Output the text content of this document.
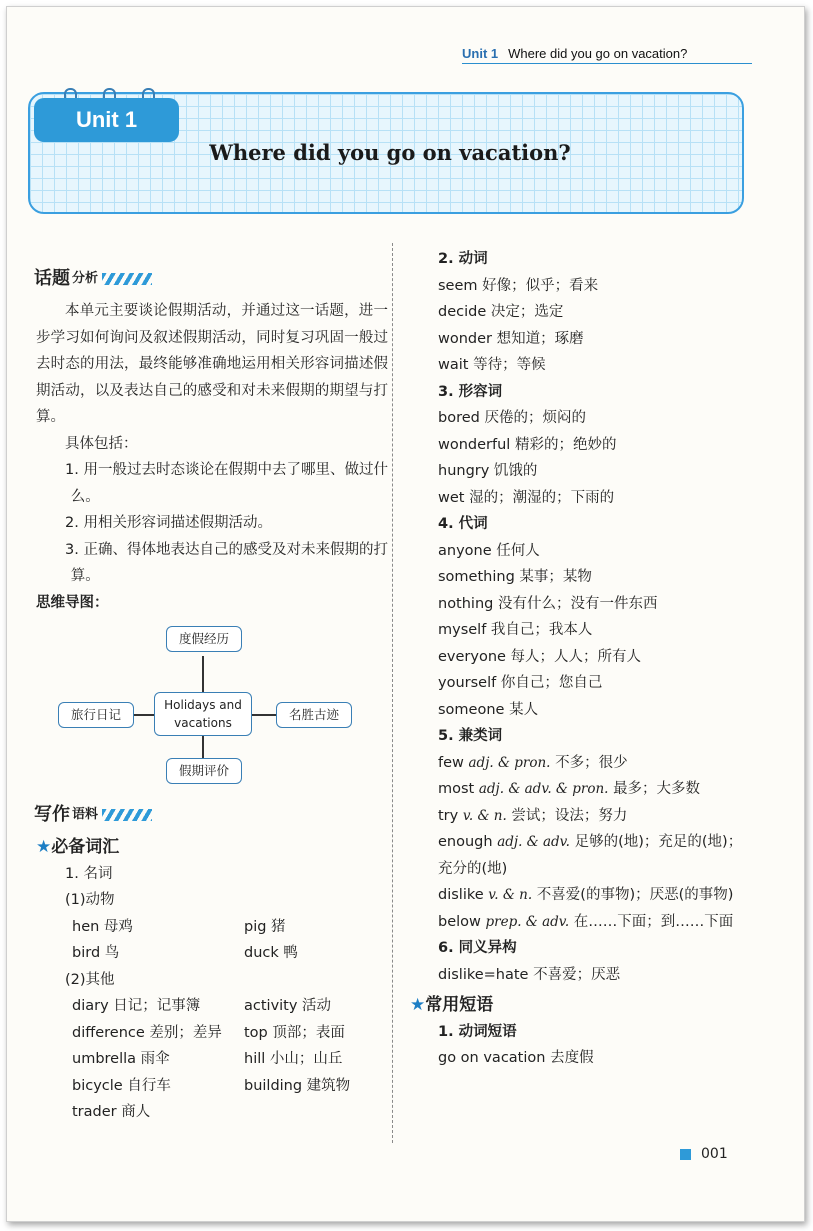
Unit 1 Where did you go on vacation?
Unit 1
Where did you go on vacation?
话题 分析
本单元主要谈论假期活动，并通过这一话题，进一步学习如何询问及叙述假期活动，同时复习巩固一般过去时态的用法，最终能够准确地运用相关形容词描述假期活动，以及表达自己的感受和对未来假期的期望与打算。
具体包括：
1. 用一般过去时态谈论在假期中去了哪里、做过什么。
2. 用相关形容词描述假期活动。
3. 正确、得体地表达自己的感受及对未来假期的打算。
思维导图：
度假经历
旅行日记
Holidays and vacations
名胜古迹
假期评价
写作 语料
★必备词汇
1. 名词
(1)动物
hen 母鸡	pig 猪
bird 鸟	duck 鸭
(2)其他
diary 日记；记事簿	activity 活动
difference 差别；差异	top 顶部；表面
umbrella 雨伞	hill 小山；山丘
bicycle 自行车	building 建筑物
trader 商人
2. 动词
seem 好像；似乎；看来
decide 决定；选定
wonder 想知道；琢磨
wait 等待；等候
3. 形容词
bored 厌倦的；烦闷的
wonderful 精彩的；绝妙的
hungry 饥饿的
wet 湿的；潮湿的；下雨的
4. 代词
anyone 任何人
something 某事；某物
nothing 没有什么；没有一件东西
myself 我自己；我本人
everyone 每人；人人；所有人
yourself 你自己；您自己
someone 某人
5. 兼类词
few adj. & pron. 不多；很少
most adj. & adv. & pron. 最多；大多数
try v. & n. 尝试；设法；努力
enough adj. & adv. 足够的(地)；充足的(地)；充分的(地)
dislike v. & n. 不喜爱(的事物)；厌恶(的事物)
below prep. & adv. 在……下面；到……下面
6. 同义异构
dislike=hate 不喜爱；厌恶
★常用短语
1. 动词短语
go on vacation 去度假
001
